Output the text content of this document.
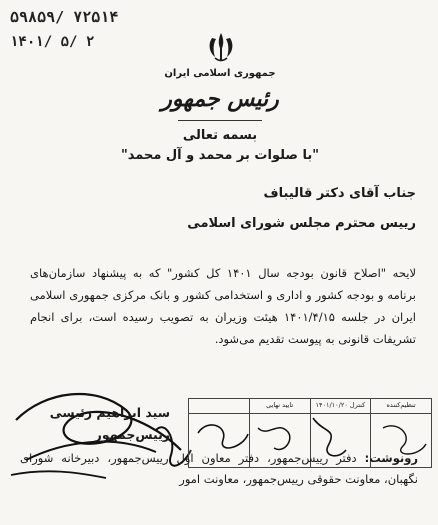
۵۹۸۵۹/ ۷۲۵۱۴
۱۴۰۱/ ۵/ ۲
جمهوری اسلامی ایران
رئیس جمهور
بسمه تعالی
"با صلوات بر محمد و آل محمد"
جناب آقای دکتر قالیباف
رییس محترم مجلس شورای اسلامی
لایحه "اصلاح قانون بودجه سال ۱۴۰۱ کل کشور" که به پیشنهاد سازمان‌های برنامه و بودجه کشور و اداری و استخدامی کشور و بانک مرکزی جمهوری اسلامی ایران در جلسه ۱۴۰۱/۴/۱۵ هیئت وزیران به تصویب رسیده است، برای انجام تشریفات قانونی به پیوست تقدیم می‌شود.
سید ابراهیم رئیسی
رییس‌جمهور
تنظیم‌کننده
کنترل ۱۴۰۱/۱۰/۲۰
تایید نهایی
رونوشت: دفتر رییس‌جمهور، دفتر معاون اول رییس‌جمهور، دبیرخانه شورای نگهبان، معاونت حقوقی رییس‌جمهور، معاونت امور
